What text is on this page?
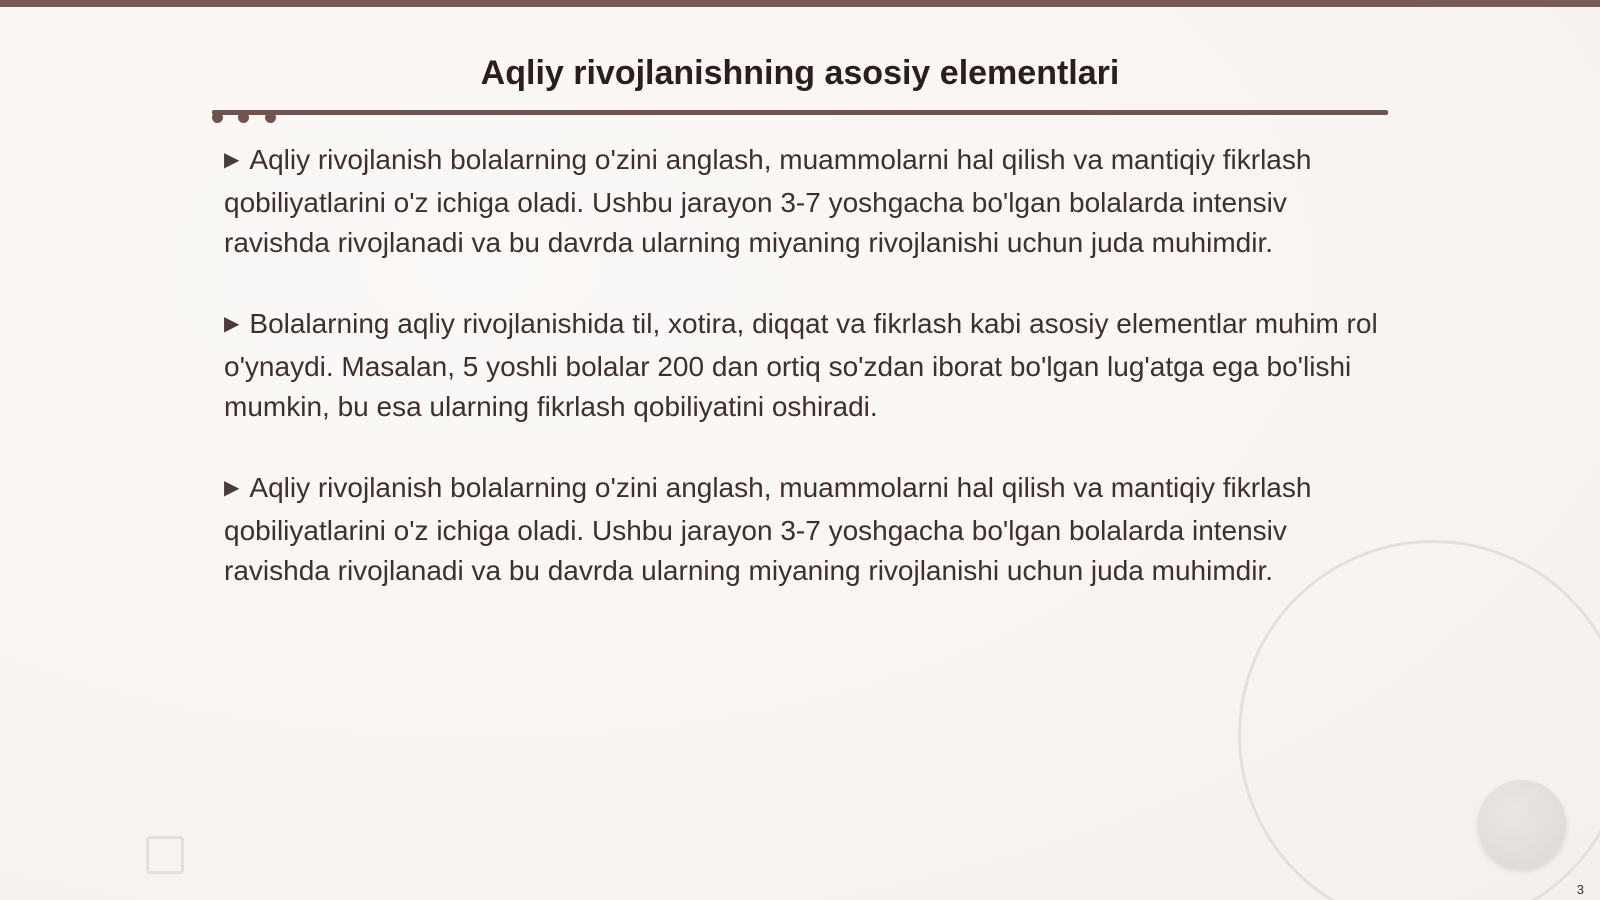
Aqliy rivojlanishning asosiy elementlari

▶ Aqliy rivojlanish bolalarning o'zini anglash, muammolarni hal qilish va mantiqiy fikrlash qobiliyatlarini o'z ichiga oladi. Ushbu jarayon 3-7 yoshgacha bo'lgan bolalarda intensiv ravishda rivojlanadi va bu davrda ularning miyaning rivojlanishi uchun juda muhimdir.

▶ Bolalarning aqliy rivojlanishida til, xotira, diqqat va fikrlash kabi asosiy elementlar muhim rol o'ynaydi. Masalan, 5 yoshli bolalar 200 dan ortiq so'zdan iborat bo'lgan lug'atga ega bo'lishi mumkin, bu esa ularning fikrlash qobiliyatini oshiradi.

▶ Aqliy rivojlanish bolalarning o'zini anglash, muammolarni hal qilish va mantiqiy fikrlash qobiliyatlarini o'z ichiga oladi. Ushbu jarayon 3-7 yoshgacha bo'lgan bolalarda intensiv ravishda rivojlanadi va bu davrda ularning miyaning rivojlanishi uchun juda muhimdir.

3
